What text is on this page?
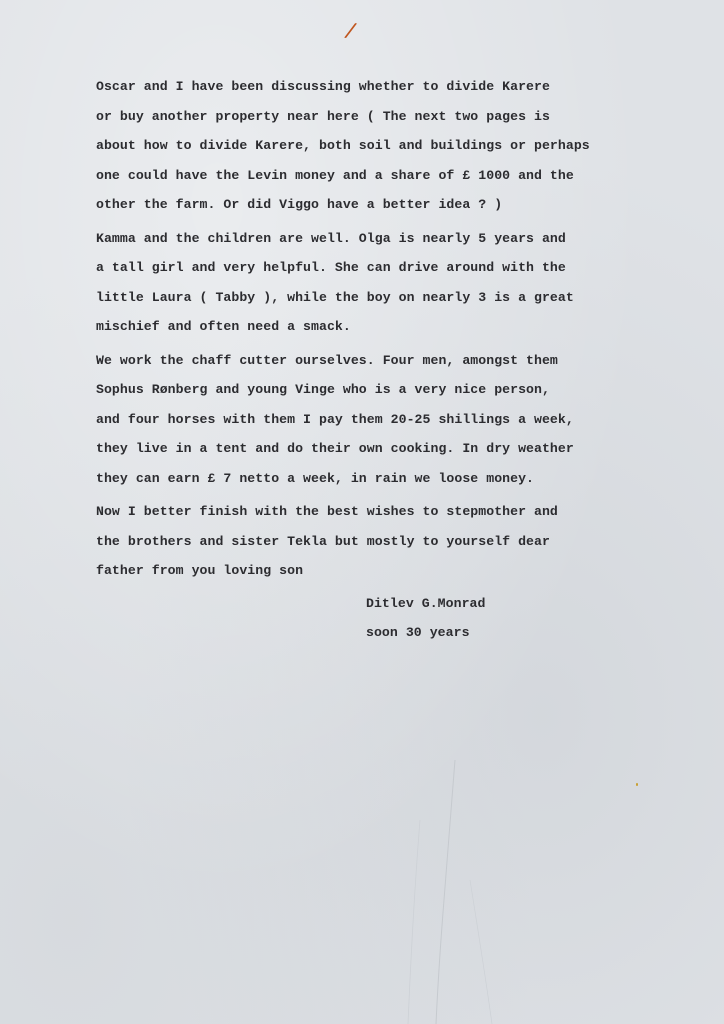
/
Oscar and I have been discussing whether to divide Karere
or buy another property near here ( The next two pages is
about how to divide Karere, both soil and buildings or perhaps
one could have the Levin money and a share of £ 1000 and the
other the farm. Or did Viggo have a better idea ? )
Kamma and the children are well. Olga is nearly 5 years and
a tall girl and very helpful. She can drive around with the
little Laura ( Tabby ), while the boy on nearly 3 is a great
mischief and often need a smack.
We work the chaff cutter ourselves. Four men, amongst them
Sophus Rønberg and young Vinge who is a very nice person,
and four horses with them I pay them 20-25 shillings a week,
they live in a tent and do their own cooking. In dry weather
they can earn £ 7 netto a week, in rain we loose money.
Now I better finish with the best wishes to stepmother and
the brothers and sister Tekla but mostly to yourself dear
father from you loving son
Ditlev G.Monrad
soon 30 years
